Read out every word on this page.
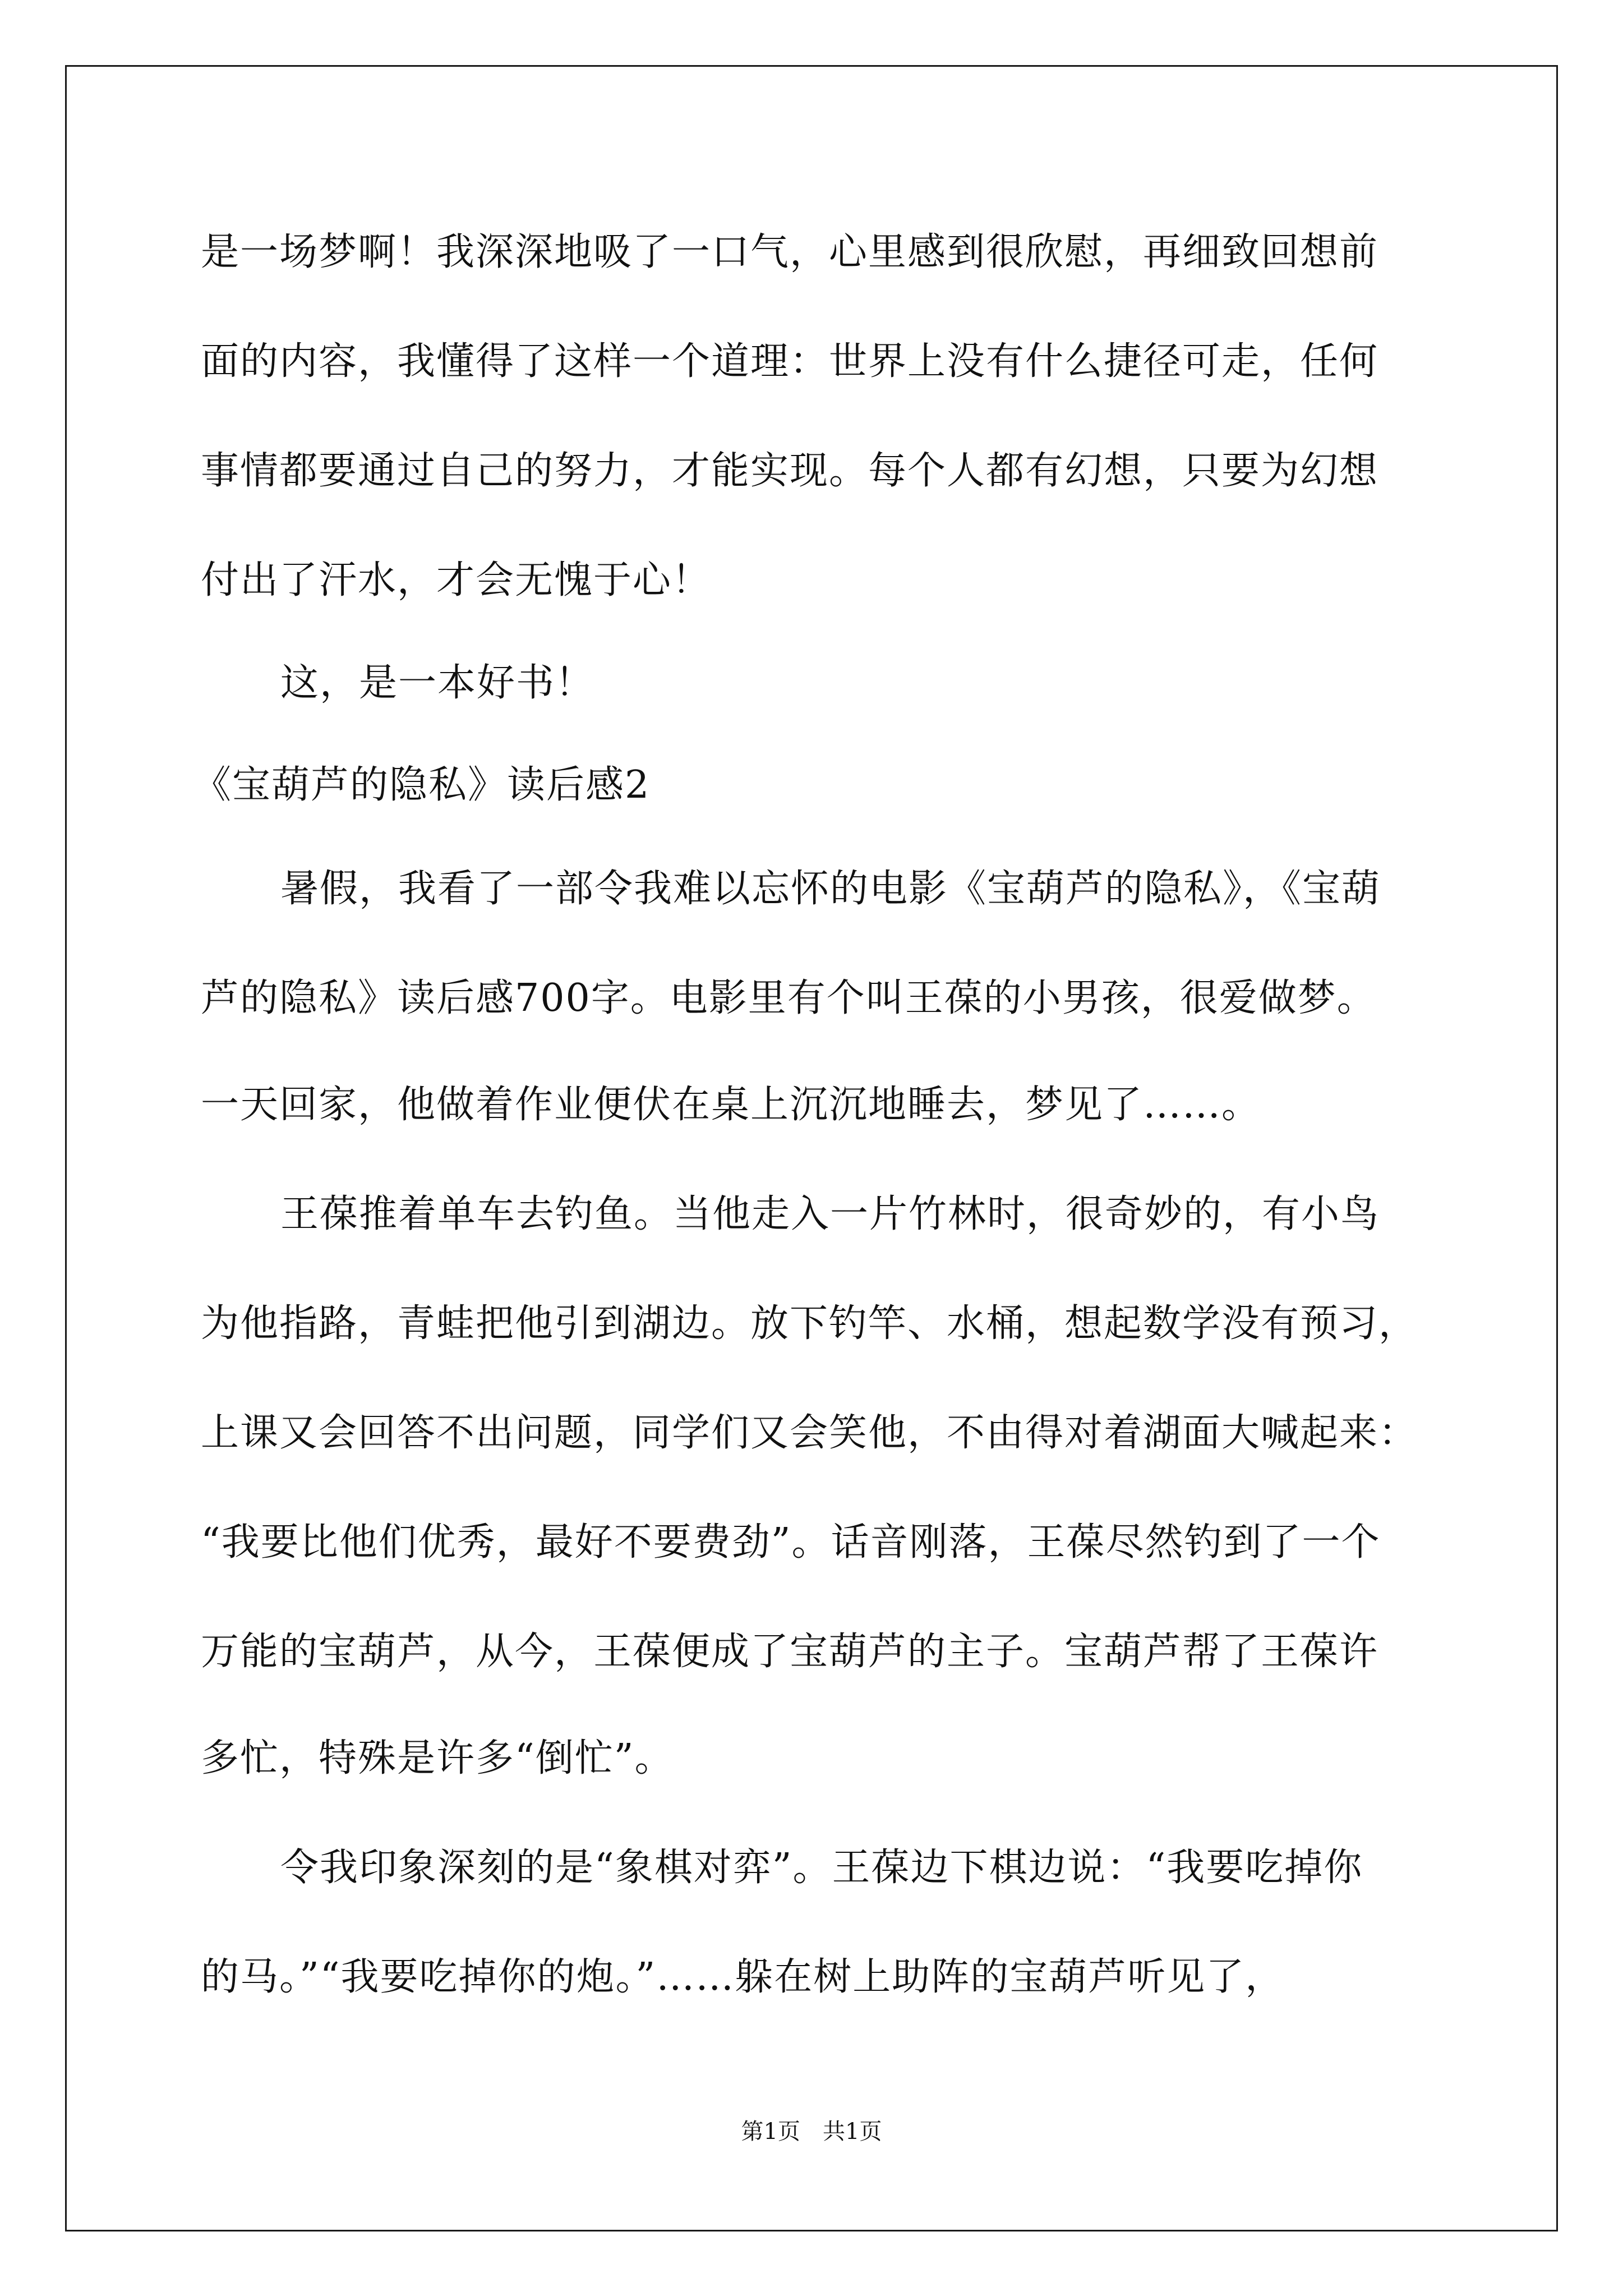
是一场梦啊！我深深地吸了一口气，心里感到很欣慰，再细致回想前
面的内容，我懂得了这样一个道理：世界上没有什么捷径可走，任何
事情都要通过自己的努力，才能实现。每个人都有幻想，只要为幻想
付出了汗水，才会无愧于心！
这，是一本好书！
《宝葫芦的隐私》读后感2
暑假，我看了一部令我难以忘怀的电影《宝葫芦的隐私》，《宝葫
芦的隐私》读后感700字。电影里有个叫王葆的小男孩，很爱做梦。
一天回家，他做着作业便伏在桌上沉沉地睡去，梦见了……。
王葆推着单车去钓鱼。当他走入一片竹林时，很奇妙的，有小鸟
为他指路，青蛙把他引到湖边。放下钓竿、水桶，想起数学没有预习，
上课又会回答不出问题，同学们又会笑他，不由得对着湖面大喊起来：
“我要比他们优秀，最好不要费劲”。话音刚落，王葆尽然钓到了一个
万能的宝葫芦，从今，王葆便成了宝葫芦的主子。宝葫芦帮了王葆许
多忙，特殊是许多“倒忙”。
令我印象深刻的是“象棋对弈”。王葆边下棋边说：“我要吃掉你
的马。”“我要吃掉你的炮。”……躲在树上助阵的宝葫芦听见了，
第1页　共1页
